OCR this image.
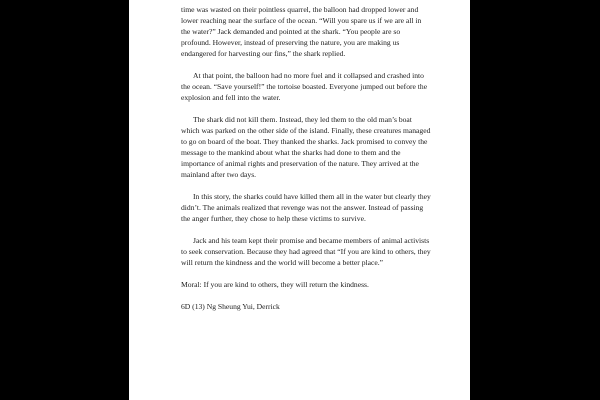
time was wasted on their pointless quarrel, the balloon had dropped lower and lower reaching near the surface of the ocean. “Will you spare us if we are all in the water?” Jack demanded and pointed at the shark. “You people are so profound. However, instead of preserving the nature, you are making us endangered for harvesting our fins,” the shark replied.

At that point, the balloon had no more fuel and it collapsed and crashed into the ocean. “Save yourself!” the tortoise boasted. Everyone jumped out before the explosion and fell into the water.

The shark did not kill them. Instead, they led them to the old man’s boat which was parked on the other side of the island. Finally, these creatures managed to go on board of the boat. They thanked the sharks. Jack promised to convey the message to the mankind about what the sharks had done to them and the importance of animal rights and preservation of the nature. They arrived at the mainland after two days.

In this story, the sharks could have killed them all in the water but clearly they didn’t. The animals realized that revenge was not the answer. Instead of passing the anger further, they chose to help these victims to survive.

Jack and his team kept their promise and became members of animal activists to seek conservation. Because they had agreed that “If you are kind to others, they will return the kindness and the world will become a better place.”

Moral: If you are kind to others, they will return the kindness.

6D (13) Ng Sheung Yui, Derrick
